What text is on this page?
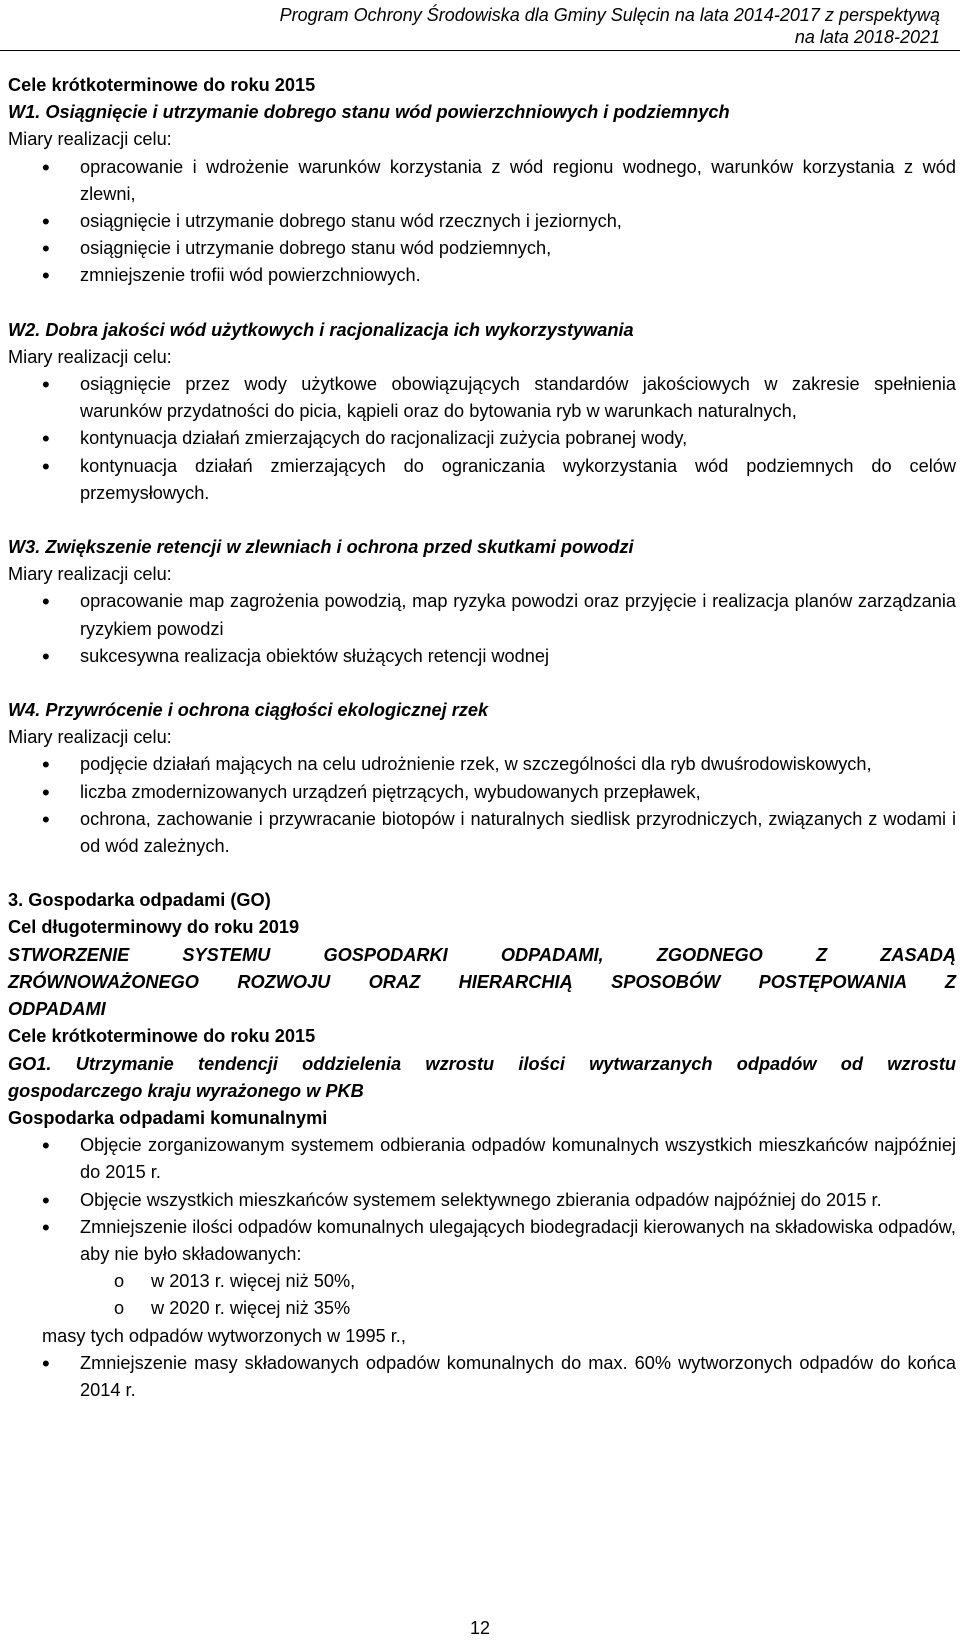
Program Ochrony Środowiska dla Gminy Sulęcin na lata 2014-2017 z perspektywą
na lata 2018-2021
Cele krótkoterminowe do roku 2015
W1. Osiągnięcie i utrzymanie dobrego stanu wód powierzchniowych i podziemnych
Miary realizacji celu:
• opracowanie i wdrożenie warunków korzystania z wód regionu wodnego, warunków korzystania z wód zlewni,
• osiągnięcie i utrzymanie dobrego stanu wód rzecznych i jeziornych,
• osiągnięcie i utrzymanie dobrego stanu wód podziemnych,
• zmniejszenie trofii wód powierzchniowych.
W2. Dobra jakości wód użytkowych i racjonalizacja ich wykorzystywania
Miary realizacji celu:
• osiągnięcie przez wody użytkowe obowiązujących standardów jakościowych w zakresie spełnienia warunków przydatności do picia, kąpieli oraz do bytowania ryb w warunkach naturalnych,
• kontynuacja działań zmierzających do racjonalizacji zużycia pobranej wody,
• kontynuacja działań zmierzających do ograniczania wykorzystania wód podziemnych do celów przemysłowych.
W3. Zwiększenie retencji w zlewniach i ochrona przed skutkami powodzi
Miary realizacji celu:
• opracowanie map zagrożenia powodzią, map ryzyka powodzi oraz przyjęcie i realizacja planów zarządzania ryzykiem powodzi
• sukcesywna realizacja obiektów służących retencji wodnej
W4. Przywrócenie i ochrona ciągłości ekologicznej rzek
Miary realizacji celu:
• podjęcie działań mających na celu udrożnienie rzek, w szczególności dla ryb dwuśrodowiskowych,
• liczba zmodernizowanych urządzeń piętrzących, wybudowanych przepławek,
• ochrona, zachowanie i przywracanie biotopów i naturalnych siedlisk przyrodniczych, związanych z wodami i od wód zależnych.
3. Gospodarka odpadami (GO)
Cel długoterminowy do roku 2019
STWORZENIE SYSTEMU GOSPODARKI ODPADAMI, ZGODNEGO Z ZASADĄ
ZRÓWNOWAŻONEGO ROZWOJU ORAZ HIERARCHIĄ SPOSOBÓW POSTĘPOWANIA Z
ODPADAMI
Cele krótkoterminowe do roku 2015
GO1. Utrzymanie tendencji oddzielenia wzrostu ilości wytwarzanych odpadów od wzrostu
gospodarczego kraju wyrażonego w PKB
Gospodarka odpadami komunalnymi
• Objęcie zorganizowanym systemem odbierania odpadów komunalnych wszystkich mieszkańców najpóźniej do 2015 r.
• Objęcie wszystkich mieszkańców systemem selektywnego zbierania odpadów najpóźniej do 2015 r.
• Zmniejszenie ilości odpadów komunalnych ulegających biodegradacji kierowanych na składowiska odpadów, aby nie było składowanych:
o w 2013 r. więcej niż 50%,
o w 2020 r. więcej niż 35%
masy tych odpadów wytworzonych w 1995 r.,
• Zmniejszenie masy składowanych odpadów komunalnych do max. 60% wytworzonych odpadów do końca 2014 r.
12
